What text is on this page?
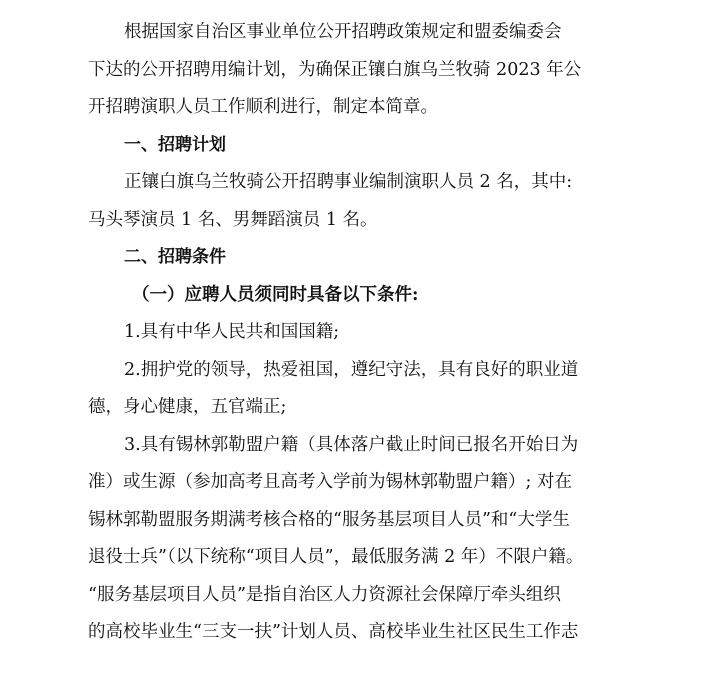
根据国家自治区事业单位公开招聘政策规定和盟委编委会
下达的公开招聘用编计划，为确保正镶白旗乌兰牧骑 2023 年公
开招聘演职人员工作顺利进行，制定本简章。
一、招聘计划
正镶白旗乌兰牧骑公开招聘事业编制演职人员 2 名，其中:
马头琴演员 1 名、男舞蹈演员 1 名。
二、招聘条件
（一）应聘人员须同时具备以下条件:
1.具有中华人民共和国国籍;
2.拥护党的领导，热爱祖国，遵纪守法，具有良好的职业道
德，身心健康，五官端正;
3.具有锡林郭勒盟户籍（具体落户截止时间已报名开始日为
准）或生源（参加高考且高考入学前为锡林郭勒盟户籍）; 对在
锡林郭勒盟服务期满考核合格的“服务基层项目人员”和“大学生
退役士兵”（以下统称“项目人员”，最低服务满 2 年）不限户籍。
“服务基层项目人员”是指自治区人力资源社会保障厅牵头组织
的高校毕业生“三支一扶”计划人员、高校毕业生社区民生工作志
